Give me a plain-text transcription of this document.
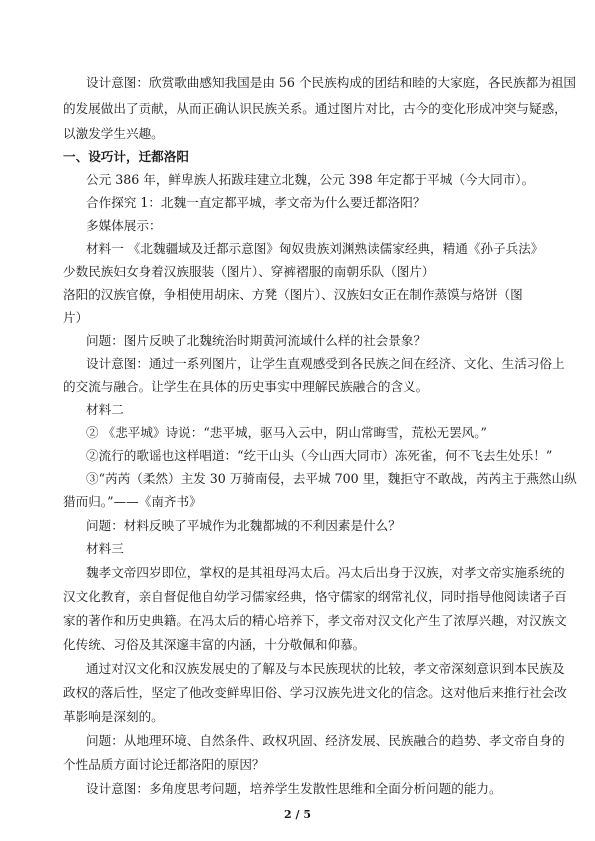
设计意图：欣赏歌曲感知我国是由 56 个民族构成的团结和睦的大家庭，各民族都为祖国
的发展做出了贡献，从而正确认识民族关系。通过图片对比，古今的变化形成冲突与疑惑，
以激发学生兴趣。
一、设巧计，迁都洛阳
公元 386 年，鲜卑族人拓跋珪建立北魏，公元 398 年定都于平城（今大同市）。
合作探究 1：北魏一直定都平城，孝文帝为什么要迁都洛阳？
多媒体展示：
材料一 《北魏疆域及迁都示意图》匈奴贵族刘渊熟读儒家经典，精通《孙子兵法》
少数民族妇女身着汉族服装（图片）、穿裤褶服的南朝乐队（图片）
洛阳的汉族官僚，争相使用胡床、方凳（图片）、汉族妇女正在制作蒸馍与烙饼（图
片）
问题：图片反映了北魏统治时期黄河流域什么样的社会景象？
设计意图：通过一系列图片，让学生直观感受到各民族之间在经济、文化、生活习俗上
的交流与融合。让学生在具体的历史事实中理解民族融合的含义。
材料二
② 《悲平城》诗说：“悲平城，驱马入云中，阴山常晦雪，荒松无罢风。”
②流行的歌谣也这样唱道：“纥干山头（今山西大同市）冻死雀，何不飞去生处乐！”
③“芮芮（柔然）主发 30 万骑南侵，去平城 700 里，魏拒守不敢战，芮芮主于燕然山纵
猎而归。”——《南齐书》
问题：材料反映了平城作为北魏都城的不利因素是什么？
材料三
魏孝文帝四岁即位，掌权的是其祖母冯太后。冯太后出身于汉族，对孝文帝实施系统的
汉文化教育，亲自督促他自幼学习儒家经典，恪守儒家的纲常礼仪，同时指导他阅读诸子百
家的著作和历史典籍。在冯太后的精心培养下，孝文帝对汉文化产生了浓厚兴趣，对汉族文
化传统、习俗及其深邃丰富的内涵，十分敬佩和仰慕。
通过对汉文化和汉族发展史的了解及与本民族现状的比较，孝文帝深刻意识到本民族及
政权的落后性，坚定了他改变鲜卑旧俗、学习汉族先进文化的信念。这对他后来推行社会改
革影响是深刻的。
问题：从地理环境、自然条件、政权巩固、经济发展、民族融合的趋势、孝文帝自身的
个性品质方面讨论迁都洛阳的原因？
设计意图：多角度思考问题，培养学生发散性思维和全面分析问题的能力。
2 / 5
